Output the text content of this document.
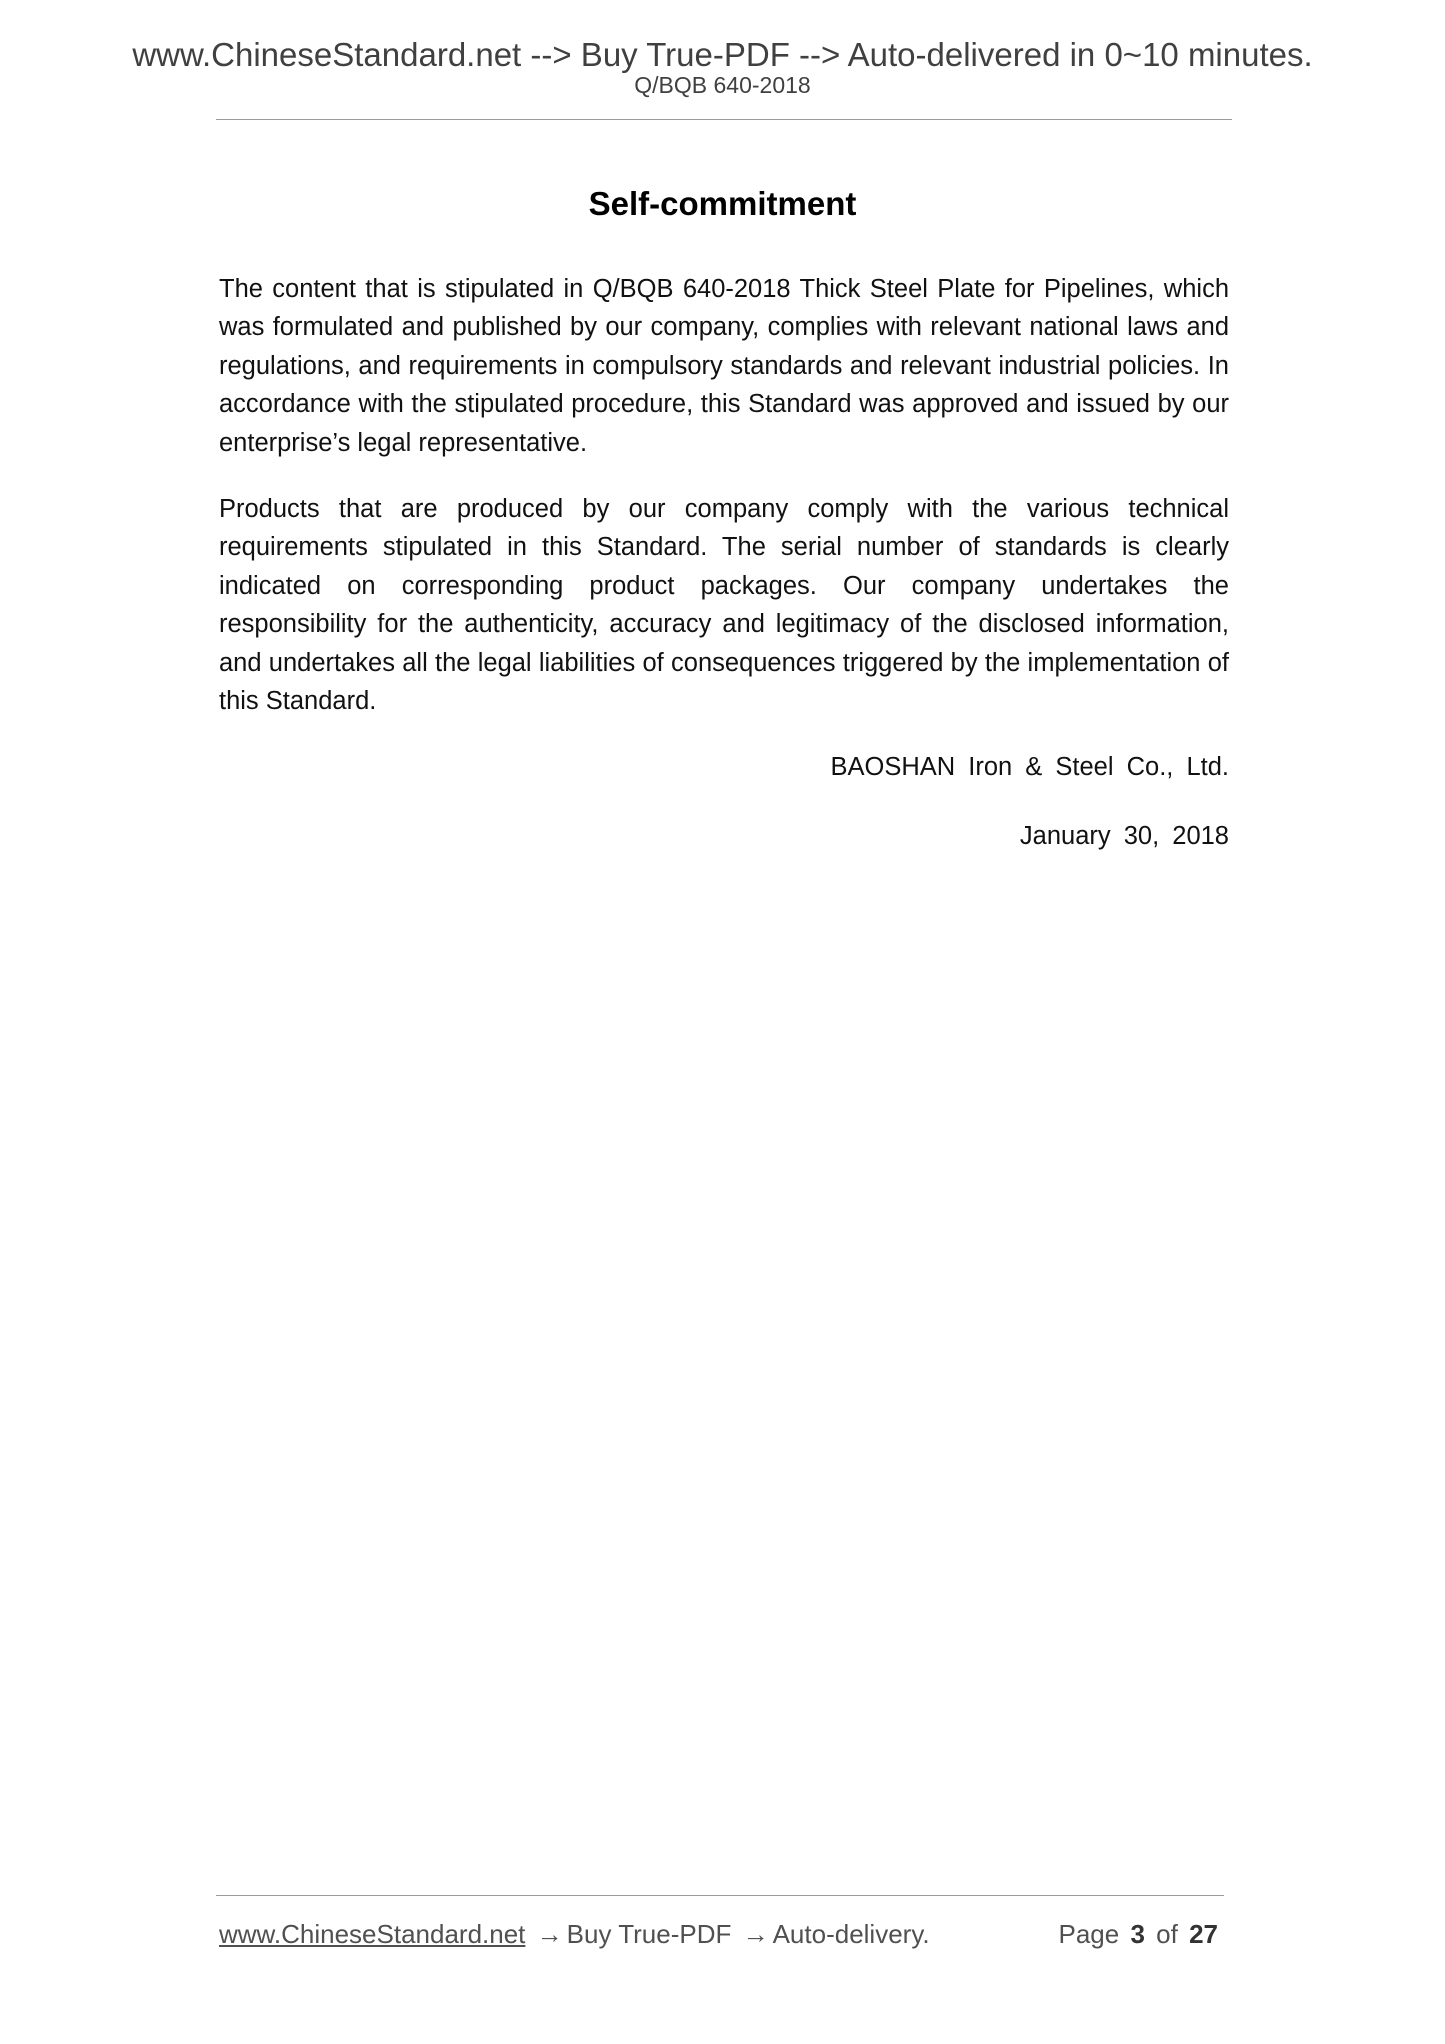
www.ChineseStandard.net --> Buy True-PDF --> Auto-delivered in 0~10 minutes.
Q/BQB 640-2018
Self-commitment

The content that is stipulated in Q/BQB 640-2018 Thick Steel Plate for Pipelines, which was formulated and published by our company, complies with relevant national laws and regulations, and requirements in compulsory standards and relevant industrial policies. In accordance with the stipulated procedure, this Standard was approved and issued by our enterprise’s legal representative.

Products that are produced by our company comply with the various technical requirements stipulated in this Standard. The serial number of standards is clearly indicated on corresponding product packages. Our company undertakes the responsibility for the authenticity, accuracy and legitimacy of the disclosed information, and undertakes all the legal liabilities of consequences triggered by the implementation of this Standard.

BAOSHAN Iron & Steel Co., Ltd.
January 30, 2018
www.ChineseStandard.net → Buy True-PDF → Auto-delivery.	Page 3 of 27
